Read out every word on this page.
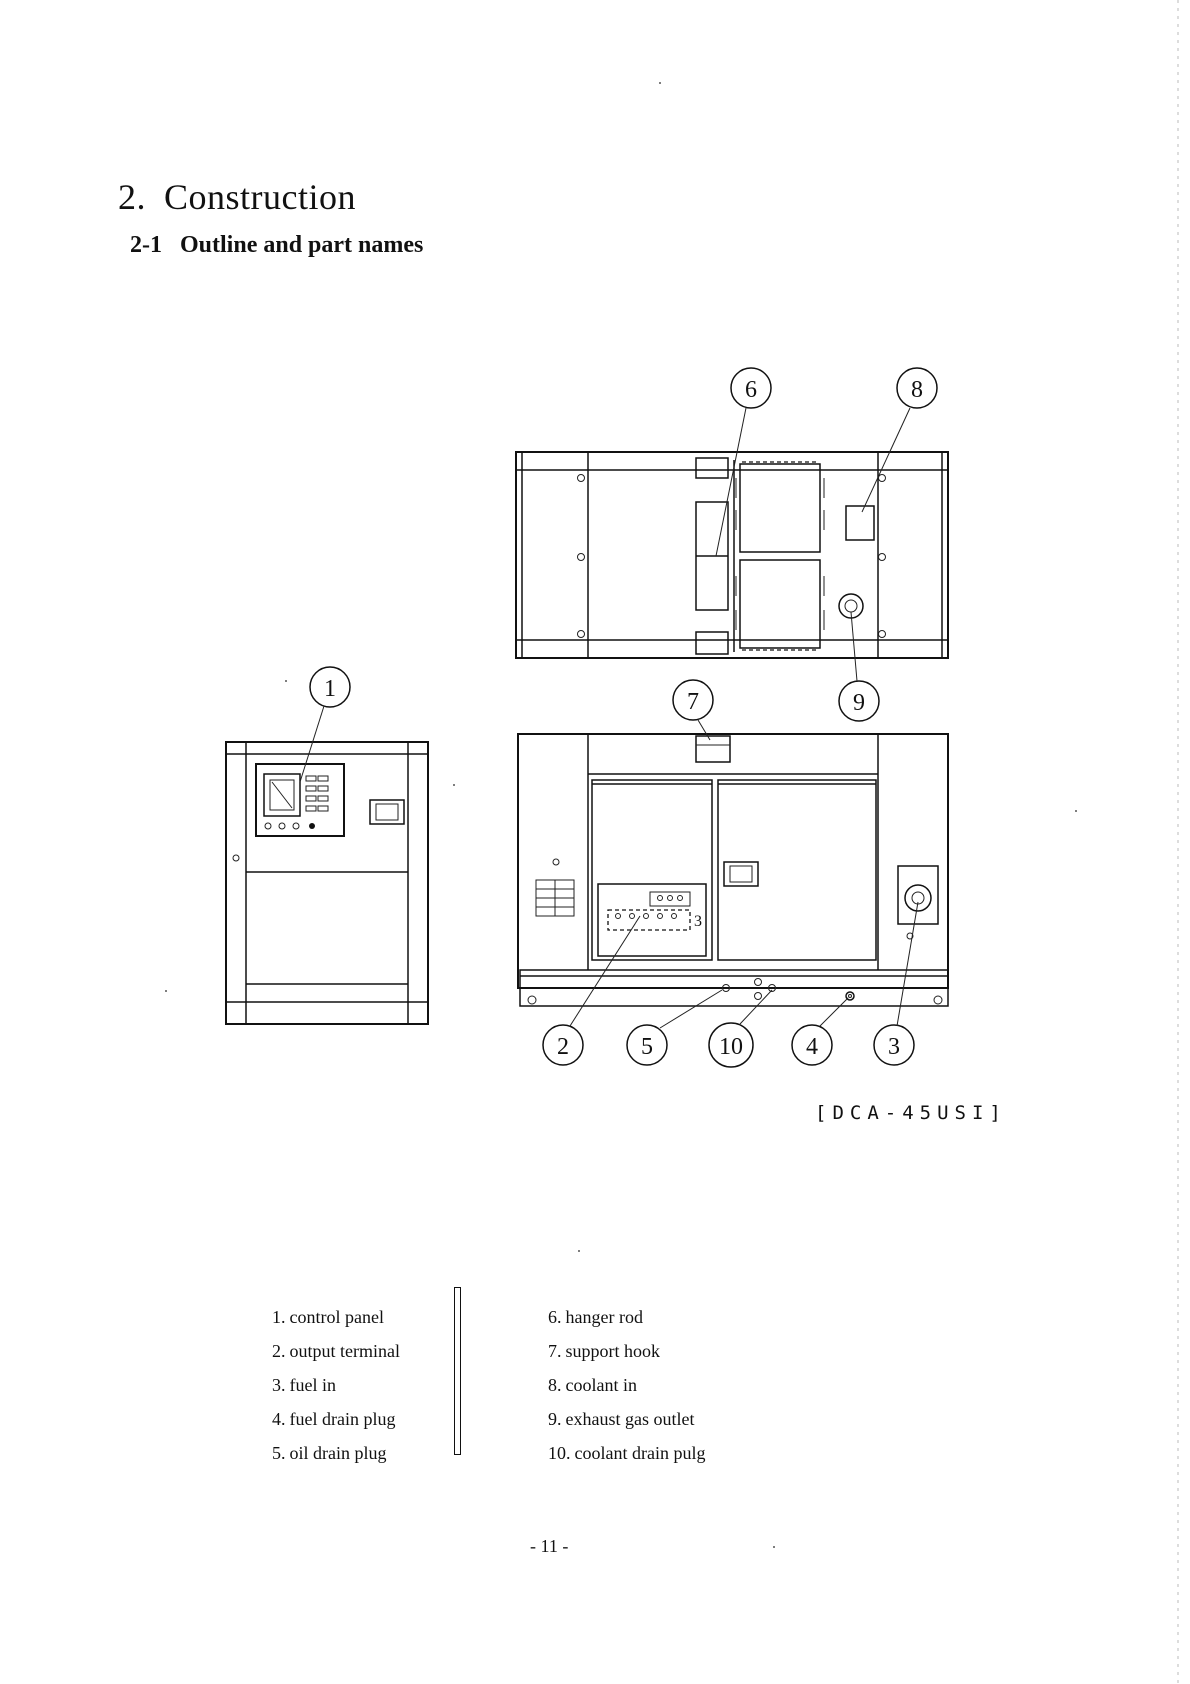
2. Construction
2-1 Outline and part names
3
1
2	3
4
5	10
6
7
8
9
[DCA-45USI]
1. control panel
2. output terminal
3. fuel in
4. fuel drain plug
5. oil drain plug
6. hanger rod
7. support hook
8. coolant in
9. exhaust gas outlet
10. coolant drain pulg
- 11 -
